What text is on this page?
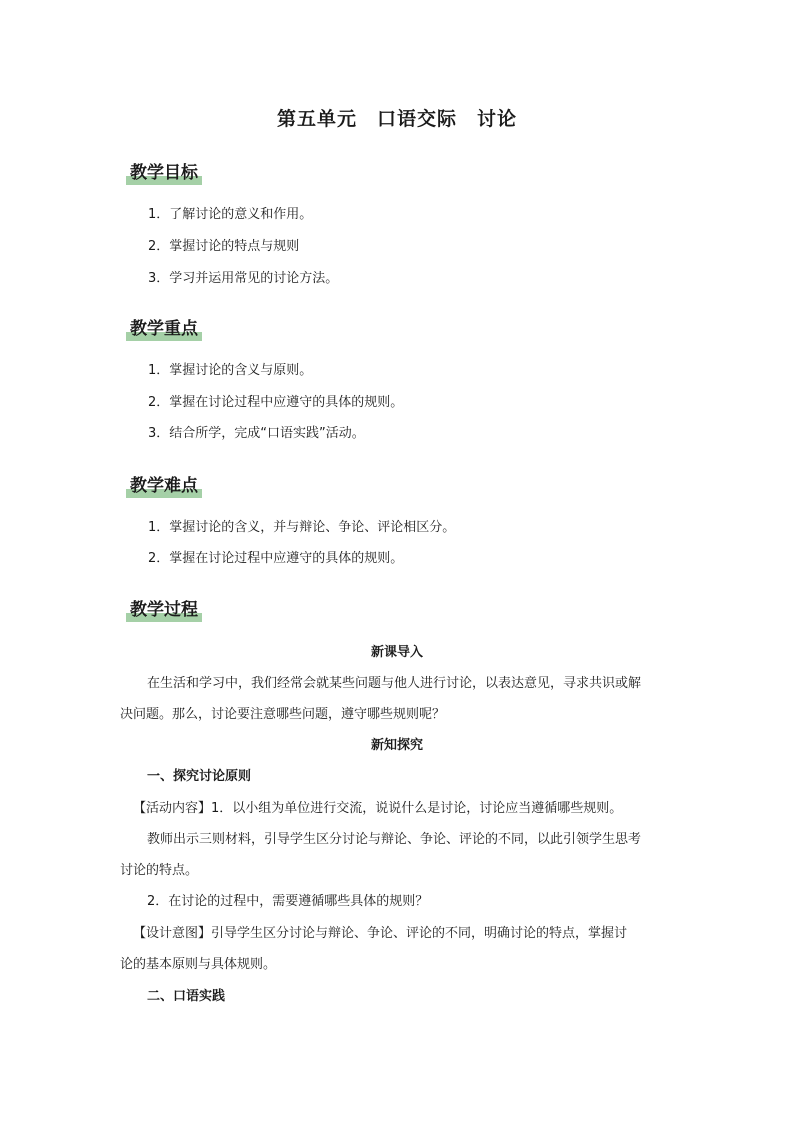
第五单元　口语交际　讨论
教学目标
1．了解讨论的意义和作用。
2．掌握讨论的特点与规则
3．学习并运用常见的讨论方法。
教学重点
1．掌握讨论的含义与原则。
2．掌握在讨论过程中应遵守的具体的规则。
3．结合所学，完成“口语实践”活动。
教学难点
1．掌握讨论的含义，并与辩论、争论、评论相区分。
2．掌握在讨论过程中应遵守的具体的规则。
教学过程
新课导入
在生活和学习中，我们经常会就某些问题与他人进行讨论，以表达意见，寻求共识或解
决问题。那么，讨论要注意哪些问题，遵守哪些规则呢？
新知探究
一、探究讨论原则
【活动内容】1．以小组为单位进行交流，说说什么是讨论，讨论应当遵循哪些规则。
教师出示三则材料，引导学生区分讨论与辩论、争论、评论的不同，以此引领学生思考
讨论的特点。
2．在讨论的过程中，需要遵循哪些具体的规则？
【设计意图】引导学生区分讨论与辩论、争论、评论的不同，明确讨论的特点，掌握讨
论的基本原则与具体规则。
二、口语实践
